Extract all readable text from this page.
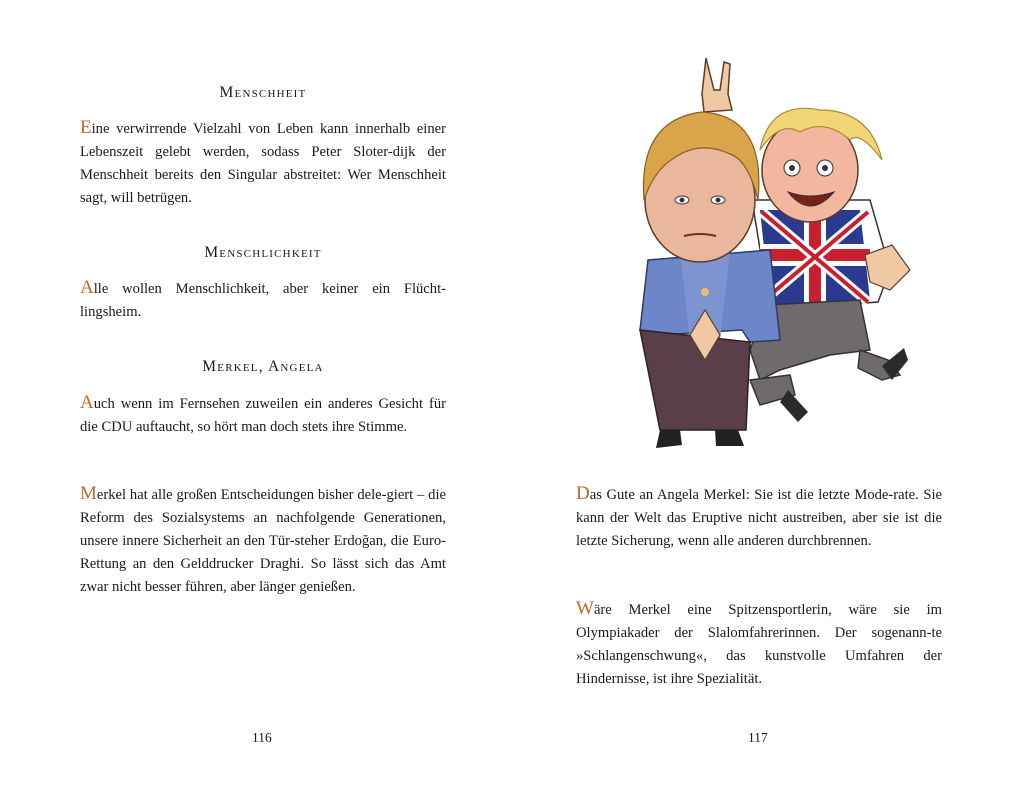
Menschheit
Eine verwirrende Vielzahl von Leben kann innerhalb einer Lebenszeit gelebt werden, sodass Peter Sloter-dijk der Menschheit bereits den Singular abstreitet: Wer Menschheit sagt, will betrügen.
Menschlichkeit
Alle wollen Menschlichkeit, aber keiner ein Flücht-lingsheim.
Merkel, Angela
Auch wenn im Fernsehen zuweilen ein anderes Gesicht für die CDU auftaucht, so hört man doch stets ihre Stimme.
Merkel hat alle großen Entscheidungen bisher dele-giert – die Reform des Sozialsystems an nachfolgende Generationen, unsere innere Sicherheit an den Tür-steher Erdoğan, die Euro-Rettung an den Gelddrucker Draghi. So lässt sich das Amt zwar nicht besser führen, aber länger genießen.
116
Das Gute an Angela Merkel: Sie ist die letzte Mode-rate. Sie kann der Welt das Eruptive nicht austreiben, aber sie ist die letzte Sicherung, wenn alle anderen durchbrennen.
Wäre Merkel eine Spitzensportlerin, wäre sie im Olympiakader der Slalomfahrerinnen. Der sogenann-te »Schlangenschwung«, das kunstvolle Umfahren der Hindernisse, ist ihre Spezialität.
117
